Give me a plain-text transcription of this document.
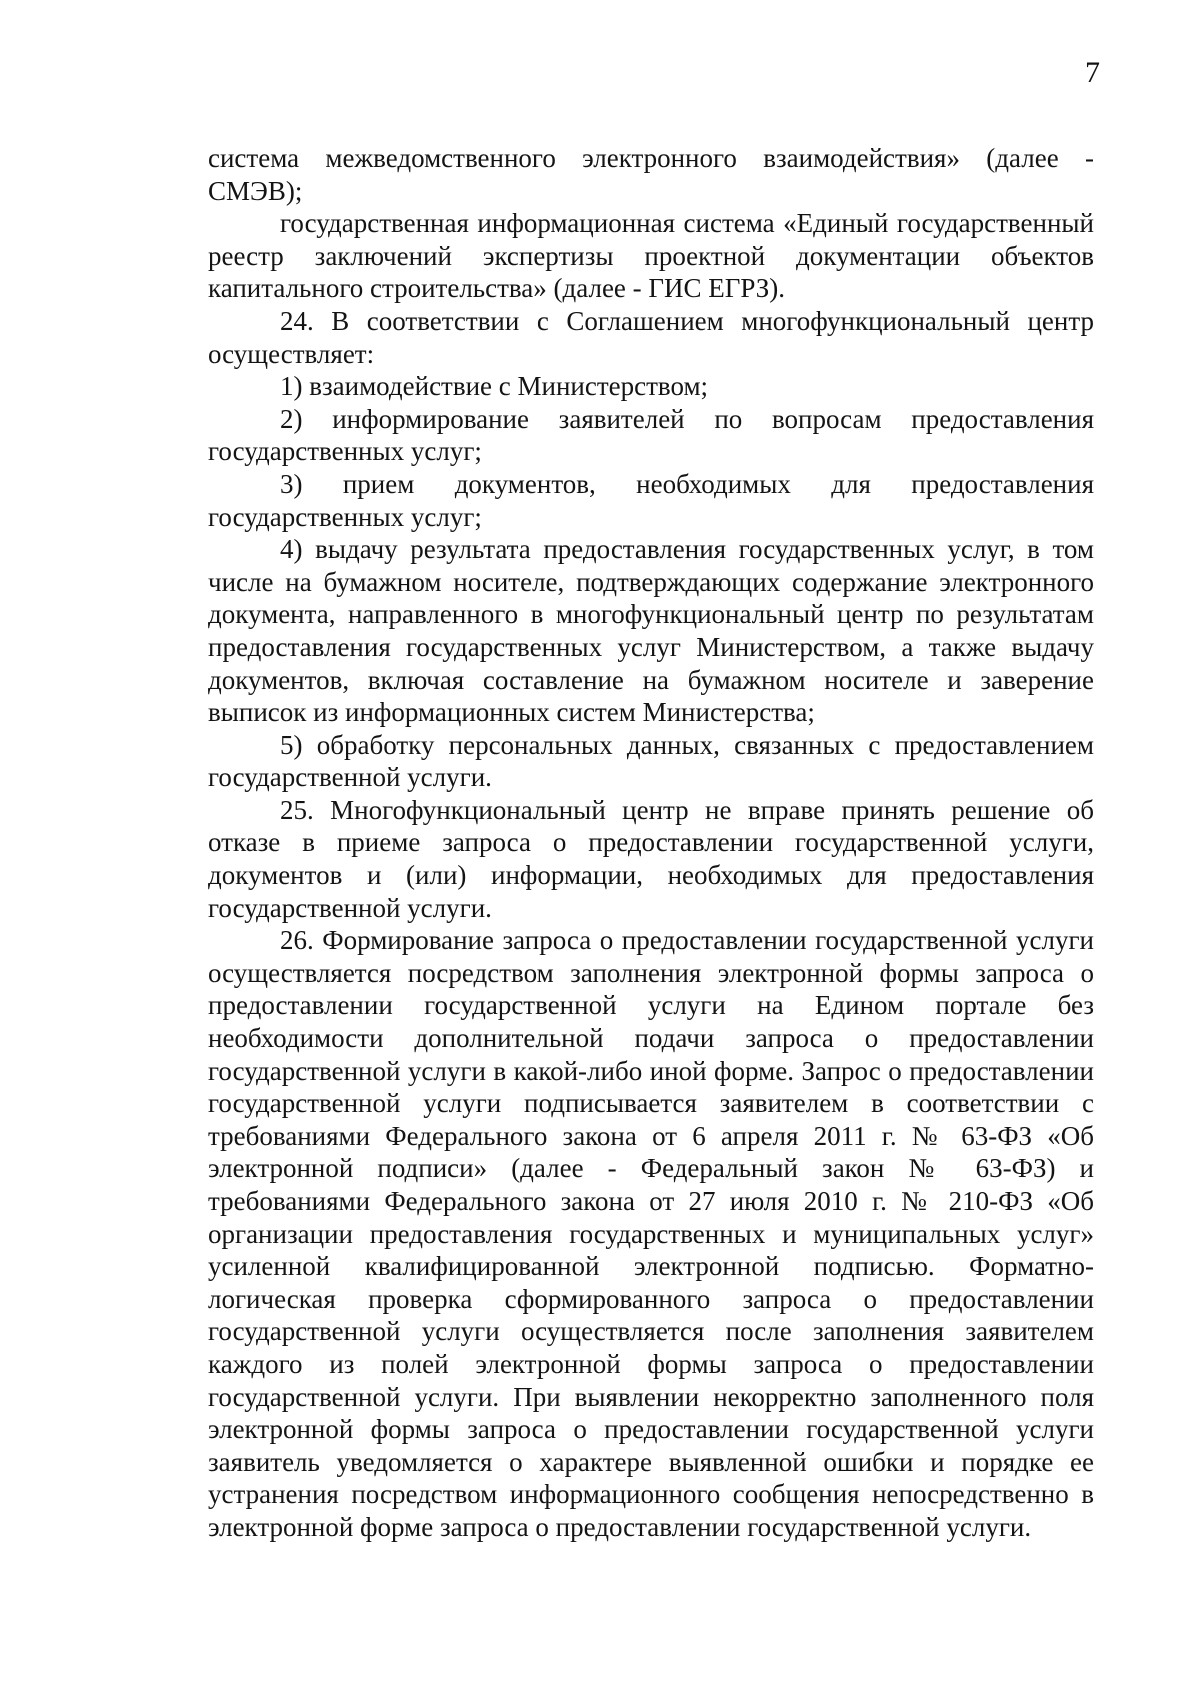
7

система межведомственного электронного взаимодействия» (далее - СМЭВ);

государственная информационная система «Единый государственный реестр заключений экспертизы проектной документации объектов капитального строительства» (далее - ГИС ЕГРЗ).

24. В соответствии с Соглашением многофункциональный центр осуществляет:

1) взаимодействие с Министерством;

2) информирование заявителей по вопросам предоставления государственных услуг;

3) прием документов, необходимых для предоставления государственных услуг;

4) выдачу результата предоставления государственных услуг, в том числе на бумажном носителе, подтверждающих содержание электронного документа, направленного в многофункциональный центр по результатам предоставления государственных услуг Министерством, а также выдачу документов, включая составление на бумажном носителе и заверение выписок из информационных систем Министерства;

5) обработку персональных данных, связанных с предоставлением государственной услуги.

25. Многофункциональный центр не вправе принять решение об отказе в приеме запроса о предоставлении государственной услуги, документов и (или) информации, необходимых для предоставления государственной услуги.

26. Формирование запроса о предоставлении государственной услуги осуществляется посредством заполнения электронной формы запроса о предоставлении государственной услуги на Едином портале без необходимости дополнительной подачи запроса о предоставлении государственной услуги в какой-либо иной форме. Запрос о предоставлении государственной услуги подписывается заявителем в соответствии с требованиями Федерального закона от 6 апреля 2011 г. № 63-ФЗ «Об электронной подписи» (далее - Федеральный закон № 63-ФЗ) и требованиями Федерального закона от 27 июля 2010 г. № 210-ФЗ «Об организации предоставления государственных и муниципальных услуг» усиленной квалифицированной электронной подписью. Форматно-логическая проверка сформированного запроса о предоставлении государственной услуги осуществляется после заполнения заявителем каждого из полей электронной формы запроса о предоставлении государственной услуги. При выявлении некорректно заполненного поля электронной формы запроса о предоставлении государственной услуги заявитель уведомляется о характере выявленной ошибки и порядке ее устранения посредством информационного сообщения непосредственно в электронной форме запроса о предоставлении государственной услуги.
